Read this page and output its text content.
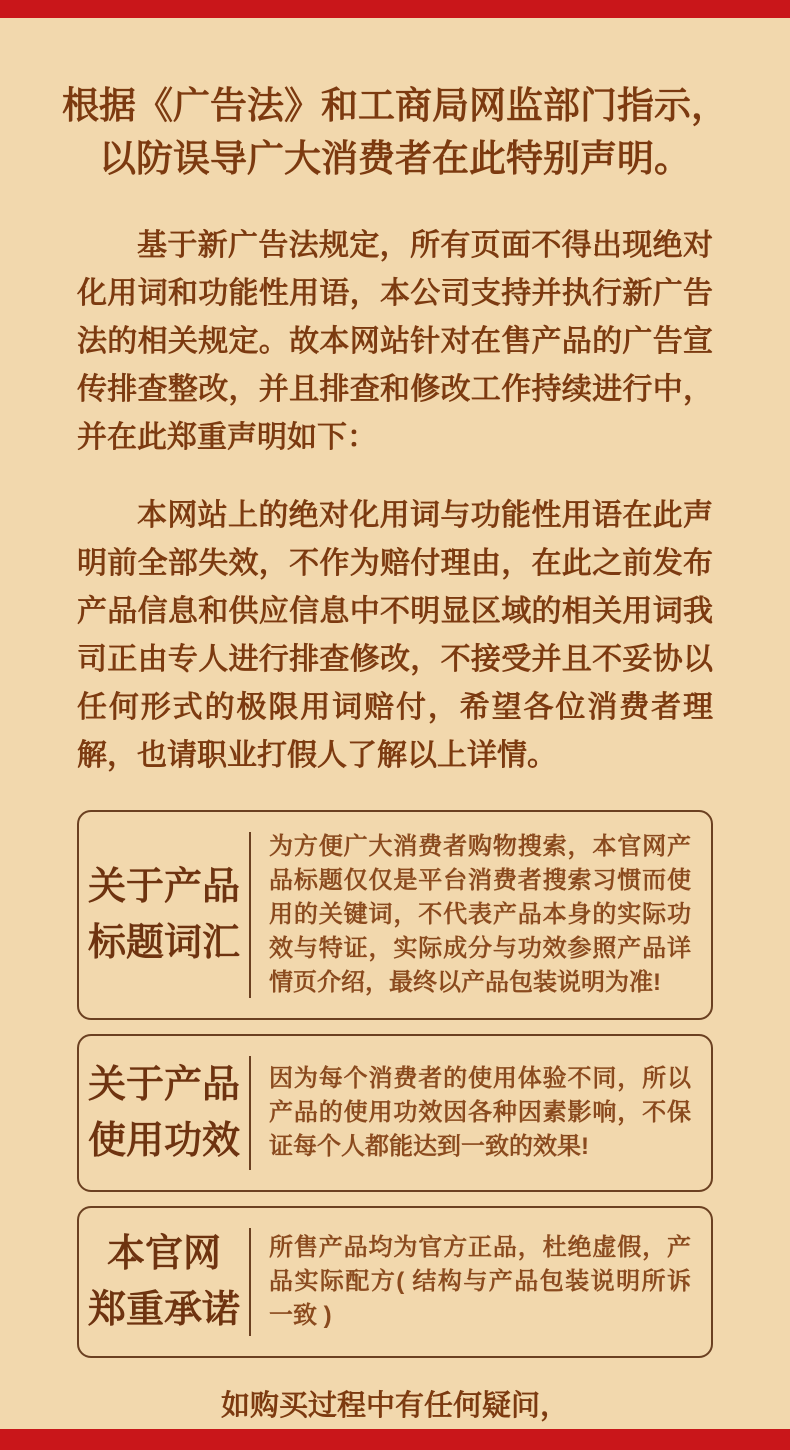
根据《广告法》和工商局网监部门指示，
以防误导广大消费者在此特别声明。

基于新广告法规定，所有页面不得出现绝对化用词和功能性用语，本公司支持并执行新广告法的相关规定。故本网站针对在售产品的广告宣传排查整改，并且排查和修改工作持续进行中，并在此郑重声明如下：

本网站上的绝对化用词与功能性用语在此声明前全部失效，不作为赔付理由，在此之前发布产品信息和供应信息中不明显区域的相关用词我司正由专人进行排查修改，不接受并且不妥协以任何形式的极限用词赔付，希望各位消费者理解，也请职业打假人了解以上详情。

关于产品
标题词汇
为方便广大消费者购物搜索，本官网产品标题仅仅是平台消费者搜索习惯而使用的关键词，不代表产品本身的实际功效与特证，实际成分与功效参照产品详情页介绍，最终以产品包装说明为准!
关于产品
使用功效
因为每个消费者的使用体验不同，所以产品的使用功效因各种因素影响，不保证每个人都能达到一致的效果!
本官网
郑重承诺
所售产品均为官方正品，杜绝虚假，产品实际配方( 结构与产品包装说明所诉一致 )
如购买过程中有任何疑问，
